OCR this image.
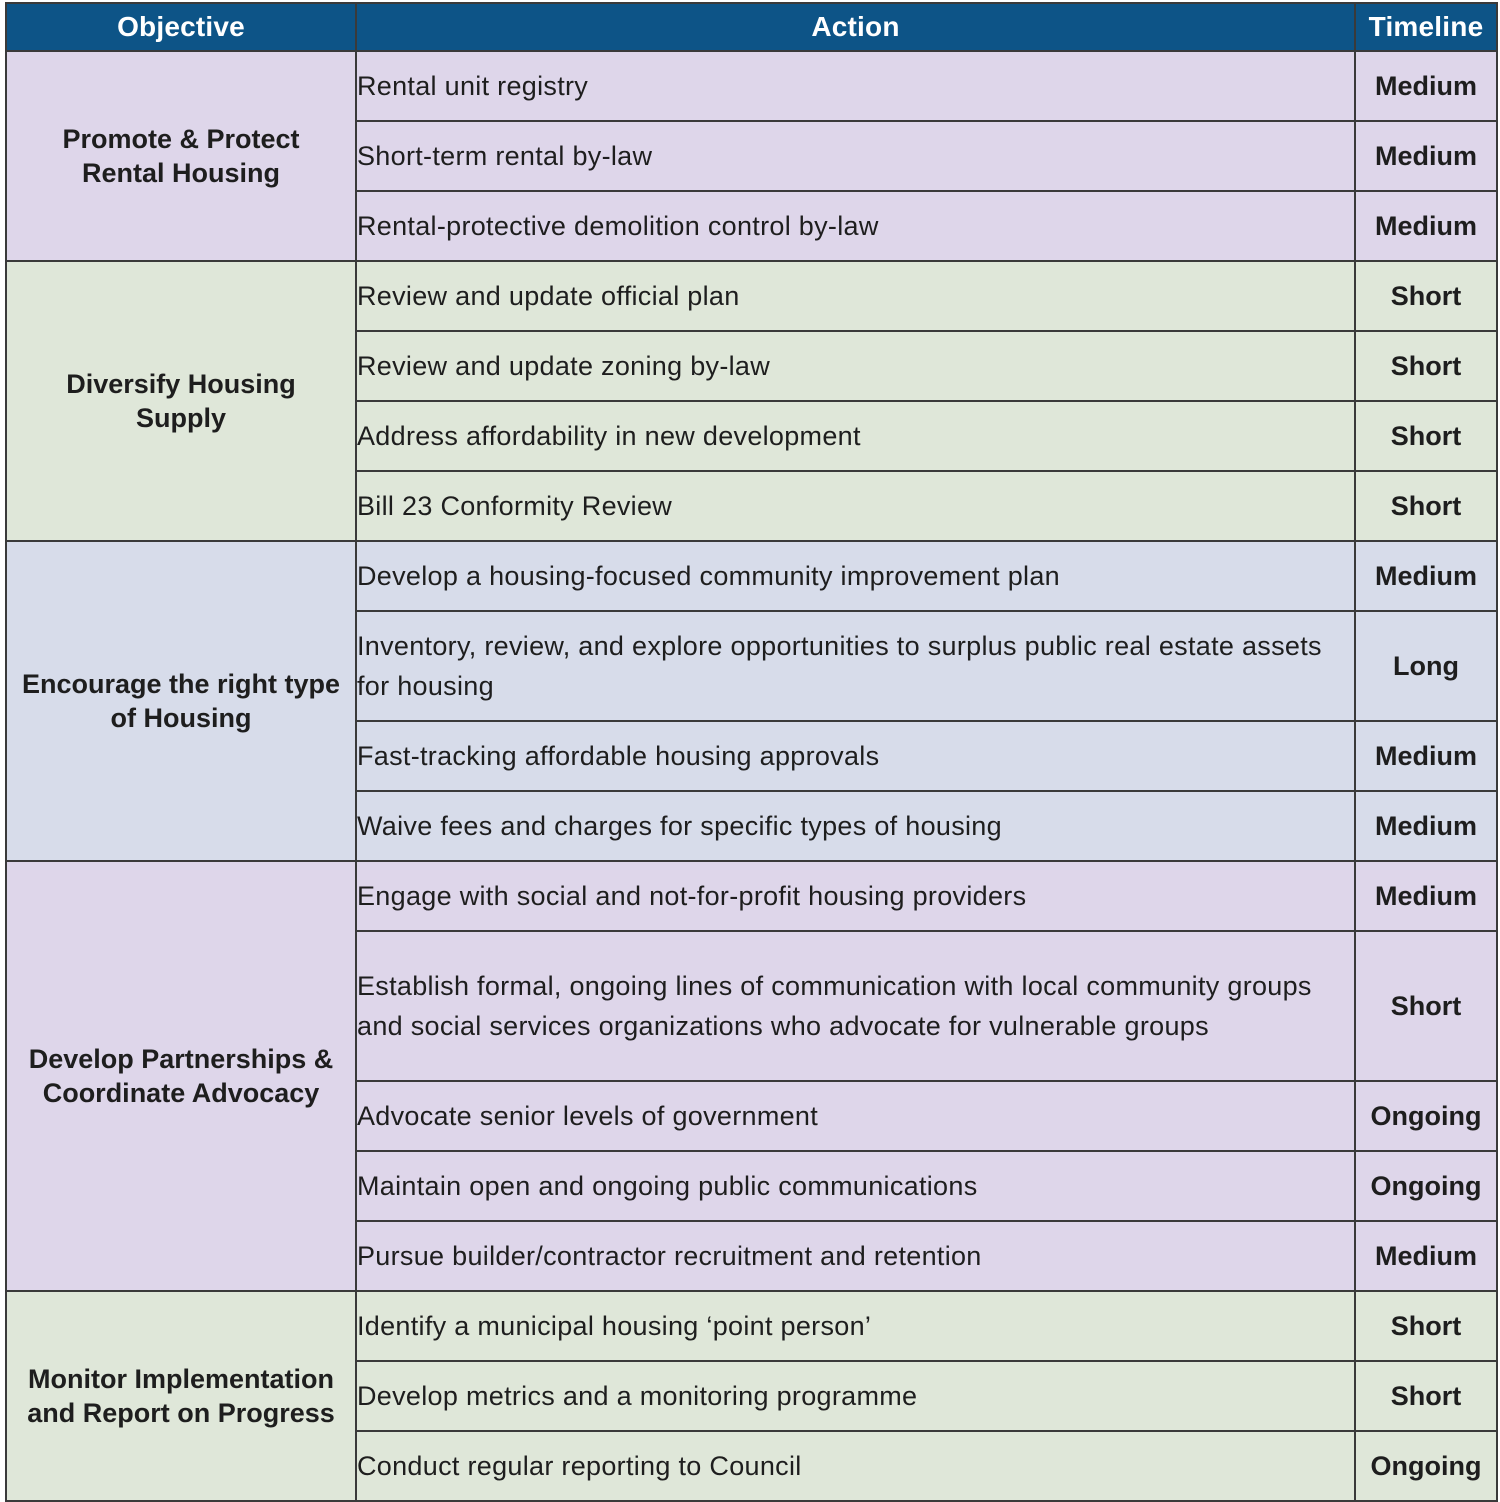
Objective	Action	Timeline
Promote & Protect Rental Housing	Rental unit registry	Medium
	Short-term rental by-law	Medium
	Rental-protective demolition control by-law	Medium
Diversify Housing Supply	Review and update official plan	Short
	Review and update zoning by-law	Short
	Address affordability in new development	Short
	Bill 23 Conformity Review	Short
Encourage the right type of Housing	Develop a housing-focused community improvement plan	Medium
	Inventory, review, and explore opportunities to surplus public real estate assets for housing	Long
	Fast-tracking affordable housing approvals	Medium
	Waive fees and charges for specific types of housing	Medium
Develop Partnerships & Coordinate Advocacy	Engage with social and not-for-profit housing providers	Medium
	Establish formal, ongoing lines of communication with local community groups and social services organizations who advocate for vulnerable groups	Short
	Advocate senior levels of government	Ongoing
	Maintain open and ongoing public communications	Ongoing
	Pursue builder/contractor recruitment and retention	Medium
Monitor Implementation and Report on Progress	Identify a municipal housing ‘point person’	Short
	Develop metrics and a monitoring programme	Short
	Conduct regular reporting to Council	Ongoing
